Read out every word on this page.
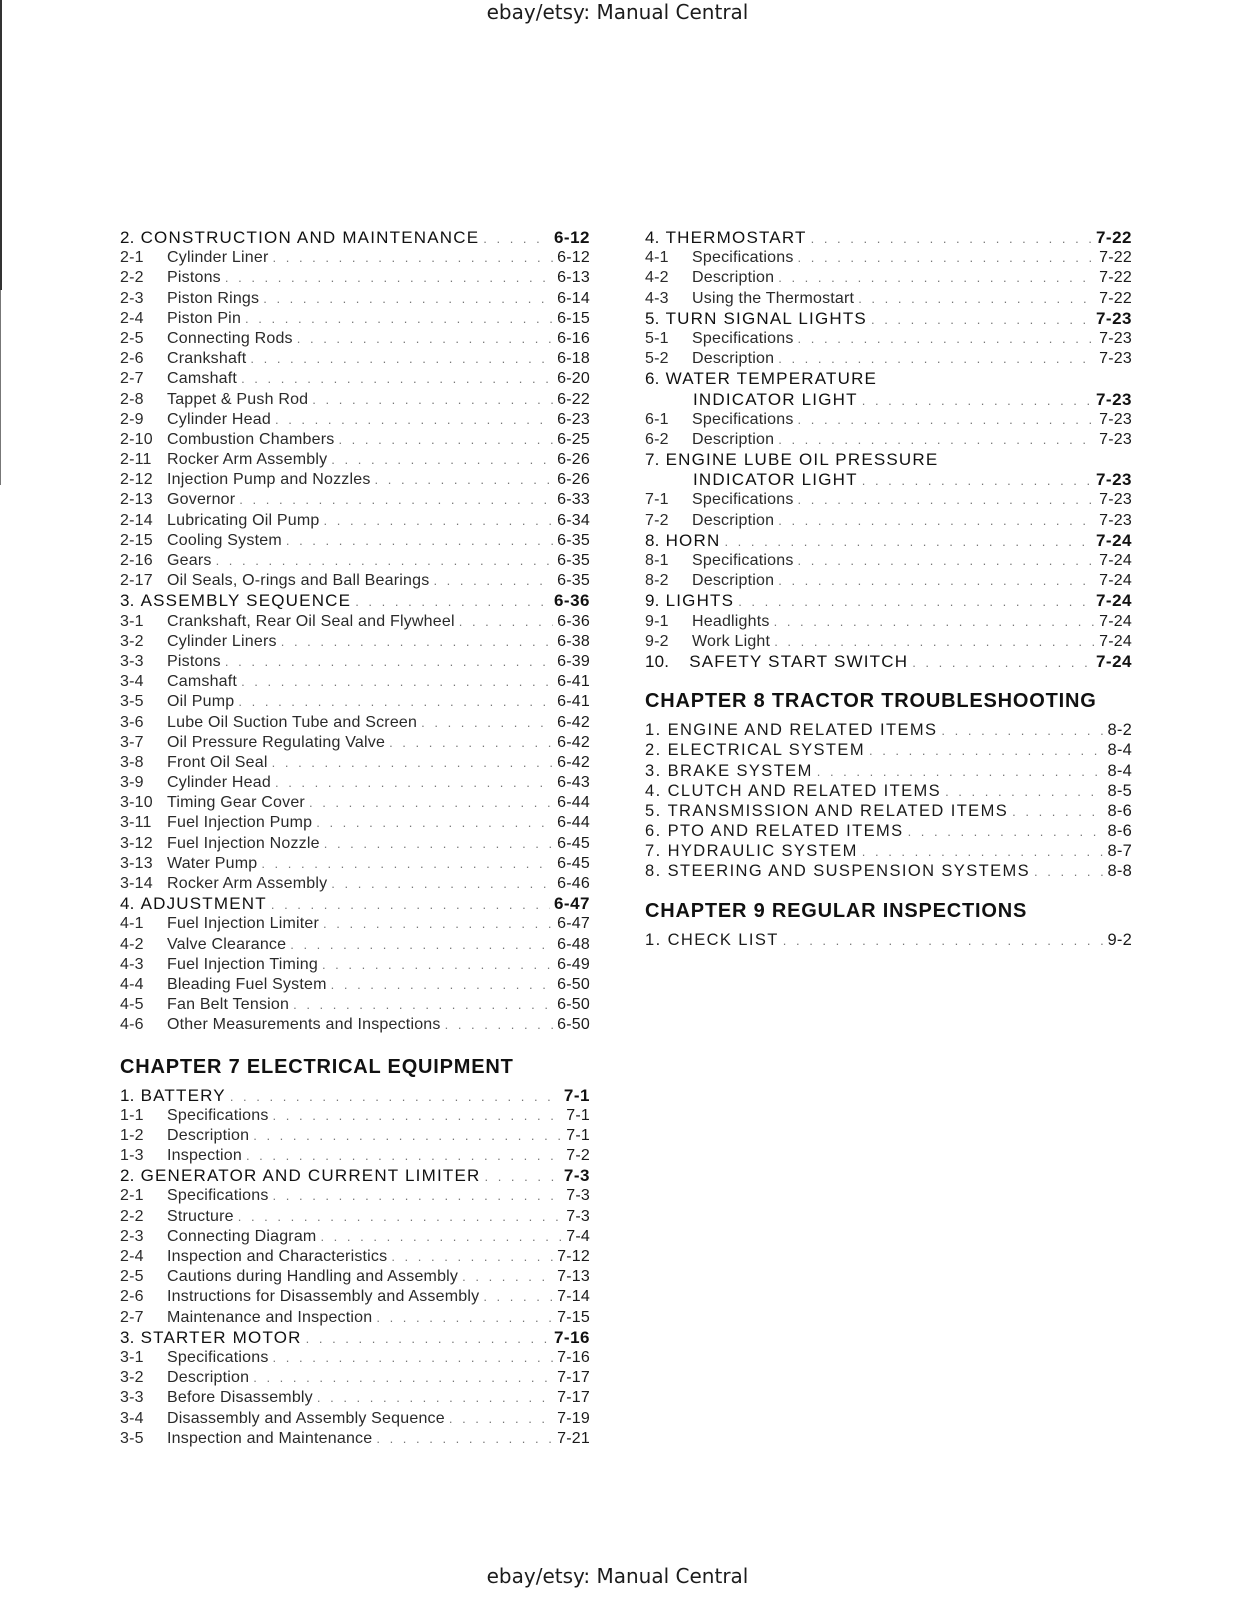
ebay/etsy: Manual Central
2. CONSTRUCTION AND MAINTENANCE . . .	6-12
2-1	Cylinder Liner . . .	6-12
2-2	Pistons . . .	6-13
2-3	Piston Rings . . .	6-14
2-4	Piston Pin . . .	6-15
2-5	Connecting Rods . . .	6-16
2-6	Crankshaft . . .	6-18
2-7	Camshaft . . .	6-20
2-8	Tappet & Push Rod . . .	6-22
2-9	Cylinder Head . . .	6-23
2-10 Combustion Chambers . . .	6-25
2-11 Rocker Arm Assembly . . .	6-26
2-12 Injection Pump and Nozzles . . .	6-26
2-13 Governor . . .	6-33
2-14 Lubricating Oil Pump . . .	6-34
2-15 Cooling System . . .	6-35
2-16 Gears . . .	6-35
2-17 Oil Seals, O-rings and Ball Bearings . . .	6-35
3. ASSEMBLY SEQUENCE . . .	6-36
3-1	Crankshaft, Rear Oil Seal and Flywheel . . .	6-36
3-2	Cylinder Liners . . .	6-38
3-3	Pistons . . .	6-39
3-4	Camshaft . . .	6-41
3-5	Oil Pump . . .	6-41
3-6	Lube Oil Suction Tube and Screen . . .	6-42
3-7	Oil Pressure Regulating Valve . . .	6-42
3-8	Front Oil Seal . . .	6-42
3-9	Cylinder Head . . .	6-43
3-10 Timing Gear Cover . . .	6-44
3-11 Fuel Injection Pump . . .	6-44
3-12 Fuel Injection Nozzle . . .	6-45
3-13 Water Pump . . .	6-45
3-14 Rocker Arm Assembly . . .	6-46
4. ADJUSTMENT . . .	6-47
4-1	Fuel Injection Limiter . . .	6-47
4-2	Valve Clearance . . .	6-48
4-3	Fuel Injection Timing . . .	6-49
4-4	Bleading Fuel System . . .	6-50
4-5	Fan Belt Tension . . .	6-50
4-6	Other Measurements and Inspections . . .	6-50
CHAPTER 7 ELECTRICAL EQUIPMENT
1. BATTERY . . .	7-1
1-1	Specifications . . .	7-1
1-2	Description . . .	7-1
1-3	Inspection . . .	7-2
2. GENERATOR AND CURRENT LIMITER . . .	7-3
2-1	Specifications . . .	7-3
2-2	Structure . . .	7-3
2-3	Connecting Diagram . . .	7-4
2-4	Inspection and Characteristics . . .	7-12
2-5	Cautions during Handling and Assembly . . .	7-13
2-6	Instructions for Disassembly and Assembly . . .	7-14
2-7	Maintenance and Inspection . . .	7-15
3. STARTER MOTOR . . .	7-16
3-1	Specifications . . .	7-16
3-2	Description . . .	7-17
3-3	Before Disassembly . . .	7-17
3-4	Disassembly and Assembly Sequence . . .	7-19
3-5	Inspection and Maintenance . . .	7-21
4. THERMOSTART . . .	7-22
4-1	Specifications . . .	7-22
4-2	Description . . .	7-22
4-3	Using the Thermostart . . .	7-22
5. TURN SIGNAL LIGHTS . . .	7-23
5-1	Specifications . . .	7-23
5-2	Description . . .	7-23
6. WATER TEMPERATURE
INDICATOR LIGHT . . .	7-23
6-1	Specifications . . .	7-23
6-2	Description . . .	7-23
7. ENGINE LUBE OIL PRESSURE
INDICATOR LIGHT . . .	7-23
7-1	Specifications . . .	7-23
7-2	Description . . .	7-23
8. HORN . . .	7-24
8-1	Specifications . . .	7-24
8-2	Description . . .	7-24
9. LIGHTS . . .	7-24
9-1	Headlights . . .	7-24
9-2	Work Light . . .	7-24
10. SAFETY START SWITCH . . .	7-24
CHAPTER 8 TRACTOR TROUBLESHOOTING
1. ENGINE AND RELATED ITEMS . . .	8-2
2. ELECTRICAL SYSTEM . . .	8-4
3. BRAKE SYSTEM . . .	8-4
4. CLUTCH AND RELATED ITEMS . . .	8-5
5. TRANSMISSION AND RELATED ITEMS . . .	8-6
6. PTO AND RELATED ITEMS . . .	8-6
7. HYDRAULIC SYSTEM . . .	8-7
8. STEERING AND SUSPENSION SYSTEMS . . .	8-8
CHAPTER 9 REGULAR INSPECTIONS
1. CHECK LIST . . .	9-2
ebay/etsy: Manual Central
